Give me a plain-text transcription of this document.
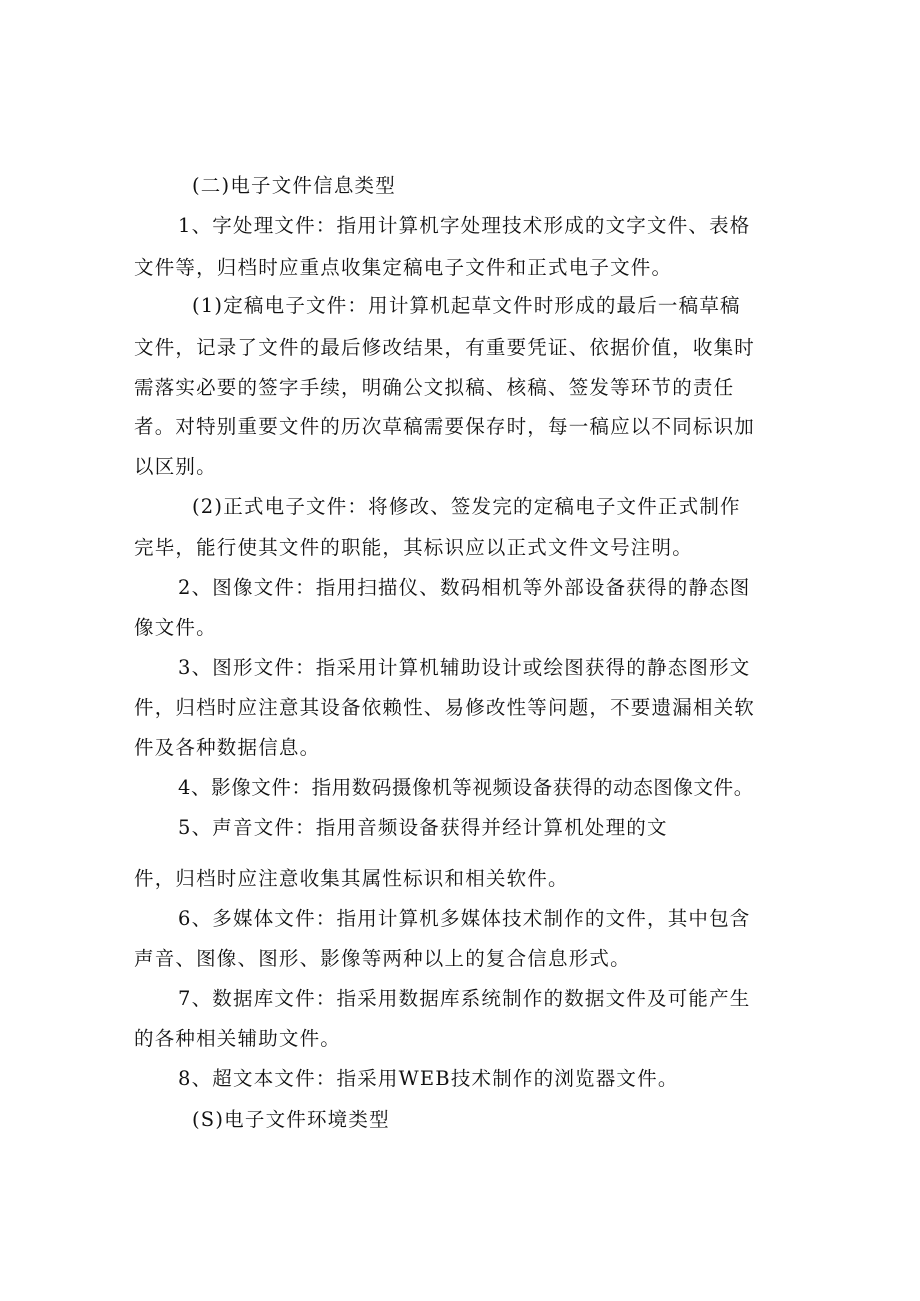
(二)电子文件信息类型
1、字处理文件：指用计算机字处理技术形成的文字文件、表格
文件等，归档时应重点收集定稿电子文件和正式电子文件。
(1)定稿电子文件：用计算机起草文件时形成的最后一稿草稿
文件，记录了文件的最后修改结果，有重要凭证、依据价值，收集时
需落实必要的签字手续，明确公文拟稿、核稿、签发等环节的责任
者。对特别重要文件的历次草稿需要保存时，每一稿应以不同标识加
以区别。
(2)正式电子文件：将修改、签发完的定稿电子文件正式制作
完毕，能行使其文件的职能，其标识应以正式文件文号注明。
2、图像文件：指用扫描仪、数码相机等外部设备获得的静态图
像文件。
3、图形文件：指采用计算机辅助设计或绘图获得的静态图形文
件，归档时应注意其设备依赖性、易修改性等问题，不要遗漏相关软
件及各种数据信息。
4、影像文件：指用数码摄像机等视频设备获得的动态图像文件。
5、声音文件：指用音频设备获得并经计算机处理的文
件，归档时应注意收集其属性标识和相关软件。
6、多媒体文件：指用计算机多媒体技术制作的文件，其中包含
声音、图像、图形、影像等两种以上的复合信息形式。
7、数据库文件：指采用数据库系统制作的数据文件及可能产生
的各种相关辅助文件。
8、超文本文件：指采用WEB技术制作的浏览器文件。
(S)电子文件环境类型
